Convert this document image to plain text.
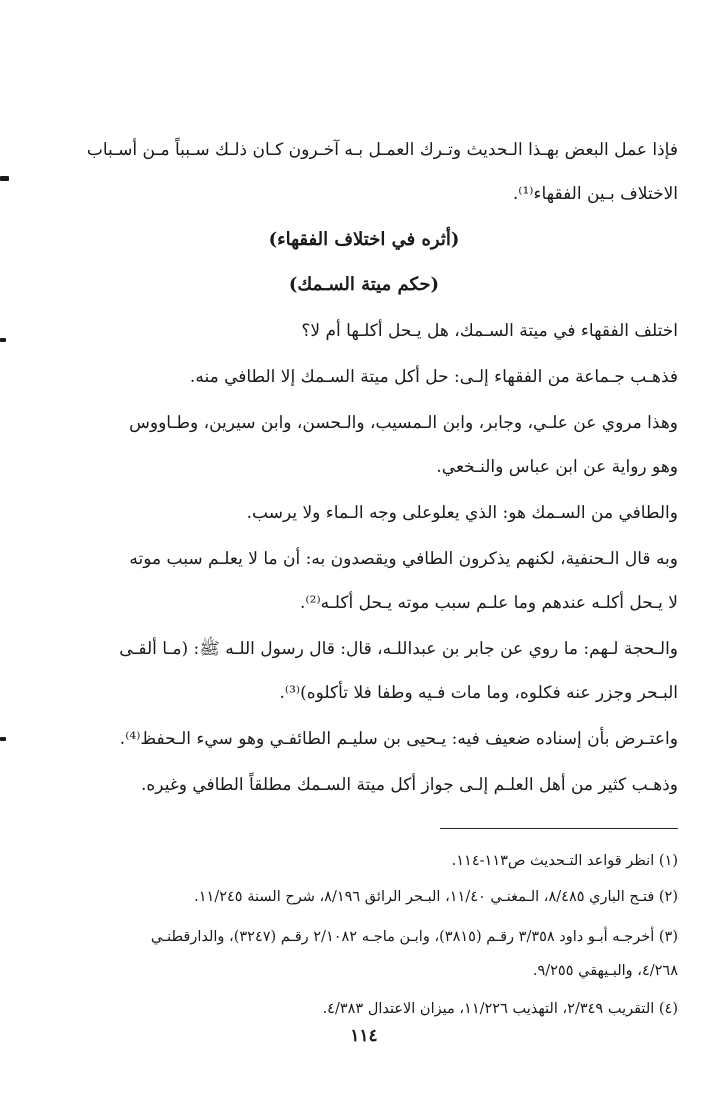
فإذا عمل البعض بهـذا الـحديث وتـرك العمـل بـه آخـرون كـان ذلـك سـبباً مـن أسـباب
الاختلاف بـين الفقهاء⁽¹⁾.
(أثره في اختلاف الفقهاء)
(حكم ميتة السـمك)
اختلف الفقهاء في ميتة السـمك، هل يـحل أكلـها أم لا؟
فذهـب جـماعة من الفقهاء إلـى: حل أكل ميتة السـمك إلا الطافي منه.
وهذا مروي عن علـي، وجابر، وابن الـمسيب، والـحسن، وابن سيرين، وطـاووس
وهو رواية عن ابن عباس والنـخعي.
والطافي من السـمك هو: الذي يعلوعلى وجه الـماء ولا يرسب.
وبه قال الـحنفية، لكنهم يذكرون الطافي ويقصدون به: أن ما لا يعلـم سبب موته
لا يـحل أكلـه عندهم وما علـم سبب موته يـحل أكلـه⁽²⁾.
والـحجة لـهم: ما روي عن جابر بن عبداللـه، قال: قال رسول اللـه ﷺ: (مـا ألقـى
البـحر وجزر عنه فكلوه، وما مات فـيه وطفا فلا تأكلوه)⁽³⁾.
واعتـرض بأن إسناده ضعيف فيه: يـحيى بن سليـم الطائفـي وهو سيء الـحفظ⁽⁴⁾.
وذهـب كثير من أهل العلـم إلـى جواز أكل ميتة السـمك مطلقاً الطافي وغيره.
(١) انظر قواعد التـحديث ص١١٣-١١٤.
(٢) فتـح الباري ٨/٤٨٥، الـمغنـي ١١/٤٠، البـحر الرائق ٨/١٩٦، شرح السنة ١١/٢٤٥.
(٣) أخرجـه أبـو داود ٣/٣٥٨ رقـم (٣٨١٥)، وابـن ماجـه ٢/١٠٨٢ رقـم (٣٢٤٧)، والدارقطنـي
٤/٢٦٨، والبـيهقي ٩/٢٥٥.
(٤) التقريب ٢/٣٤٩، التهذيب ١١/٢٢٦، ميزان الاعتدال ٤/٣٨٣.
١١٤
